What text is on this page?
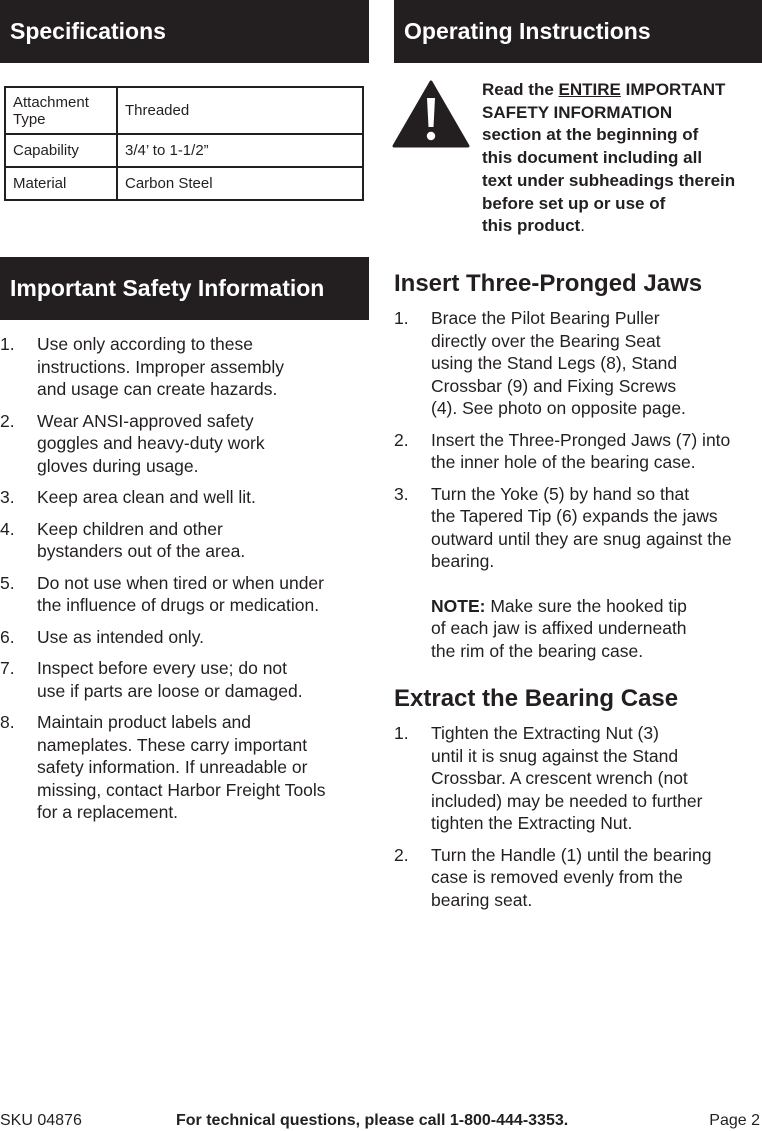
Specifications
Attachment Type	Threaded
Capability	3/4’ to 1-1/2”
Material	Carbon Steel
Important Safety Information
1. Use only according to these
instructions. Improper assembly
and usage can create hazards.
2. Wear ANSI-approved safety
goggles and heavy-duty work
gloves during usage.
3. Keep area clean and well lit.
4. Keep children and other
bystanders out of the area.
5. Do not use when tired or when under
the influence of drugs or medication.
6. Use as intended only.
7. Inspect before every use; do not
use if parts are loose or damaged.
8. Maintain product labels and
nameplates. These carry important
safety information. If unreadable or
missing, contact Harbor Freight Tools
for a replacement.
Operating Instructions
Read the ENTIRE IMPORTANT
SAFETY INFORMATION
section at the beginning of
this document including all
text under subheadings therein
before set up or use of
this product.
Insert Three-Pronged Jaws
1. Brace the Pilot Bearing Puller
directly over the Bearing Seat
using the Stand Legs (8), Stand
Crossbar (9) and Fixing Screws
(4). See photo on opposite page.
2. Insert the Three-Pronged Jaws (7) into
the inner hole of the bearing case.
3. Turn the Yoke (5) by hand so that
the Tapered Tip (6) expands the jaws
outward until they are snug against the
bearing.
NOTE: Make sure the hooked tip
of each jaw is affixed underneath
the rim of the bearing case.
Extract the Bearing Case
1. Tighten the Extracting Nut (3)
until it is snug against the Stand
Crossbar. A crescent wrench (not
included) may be needed to further
tighten the Extracting Nut.
2. Turn the Handle (1) until the bearing
case is removed evenly from the
bearing seat.
SKU 04876	For technical questions, please call 1-800-444-3353.	Page 2
